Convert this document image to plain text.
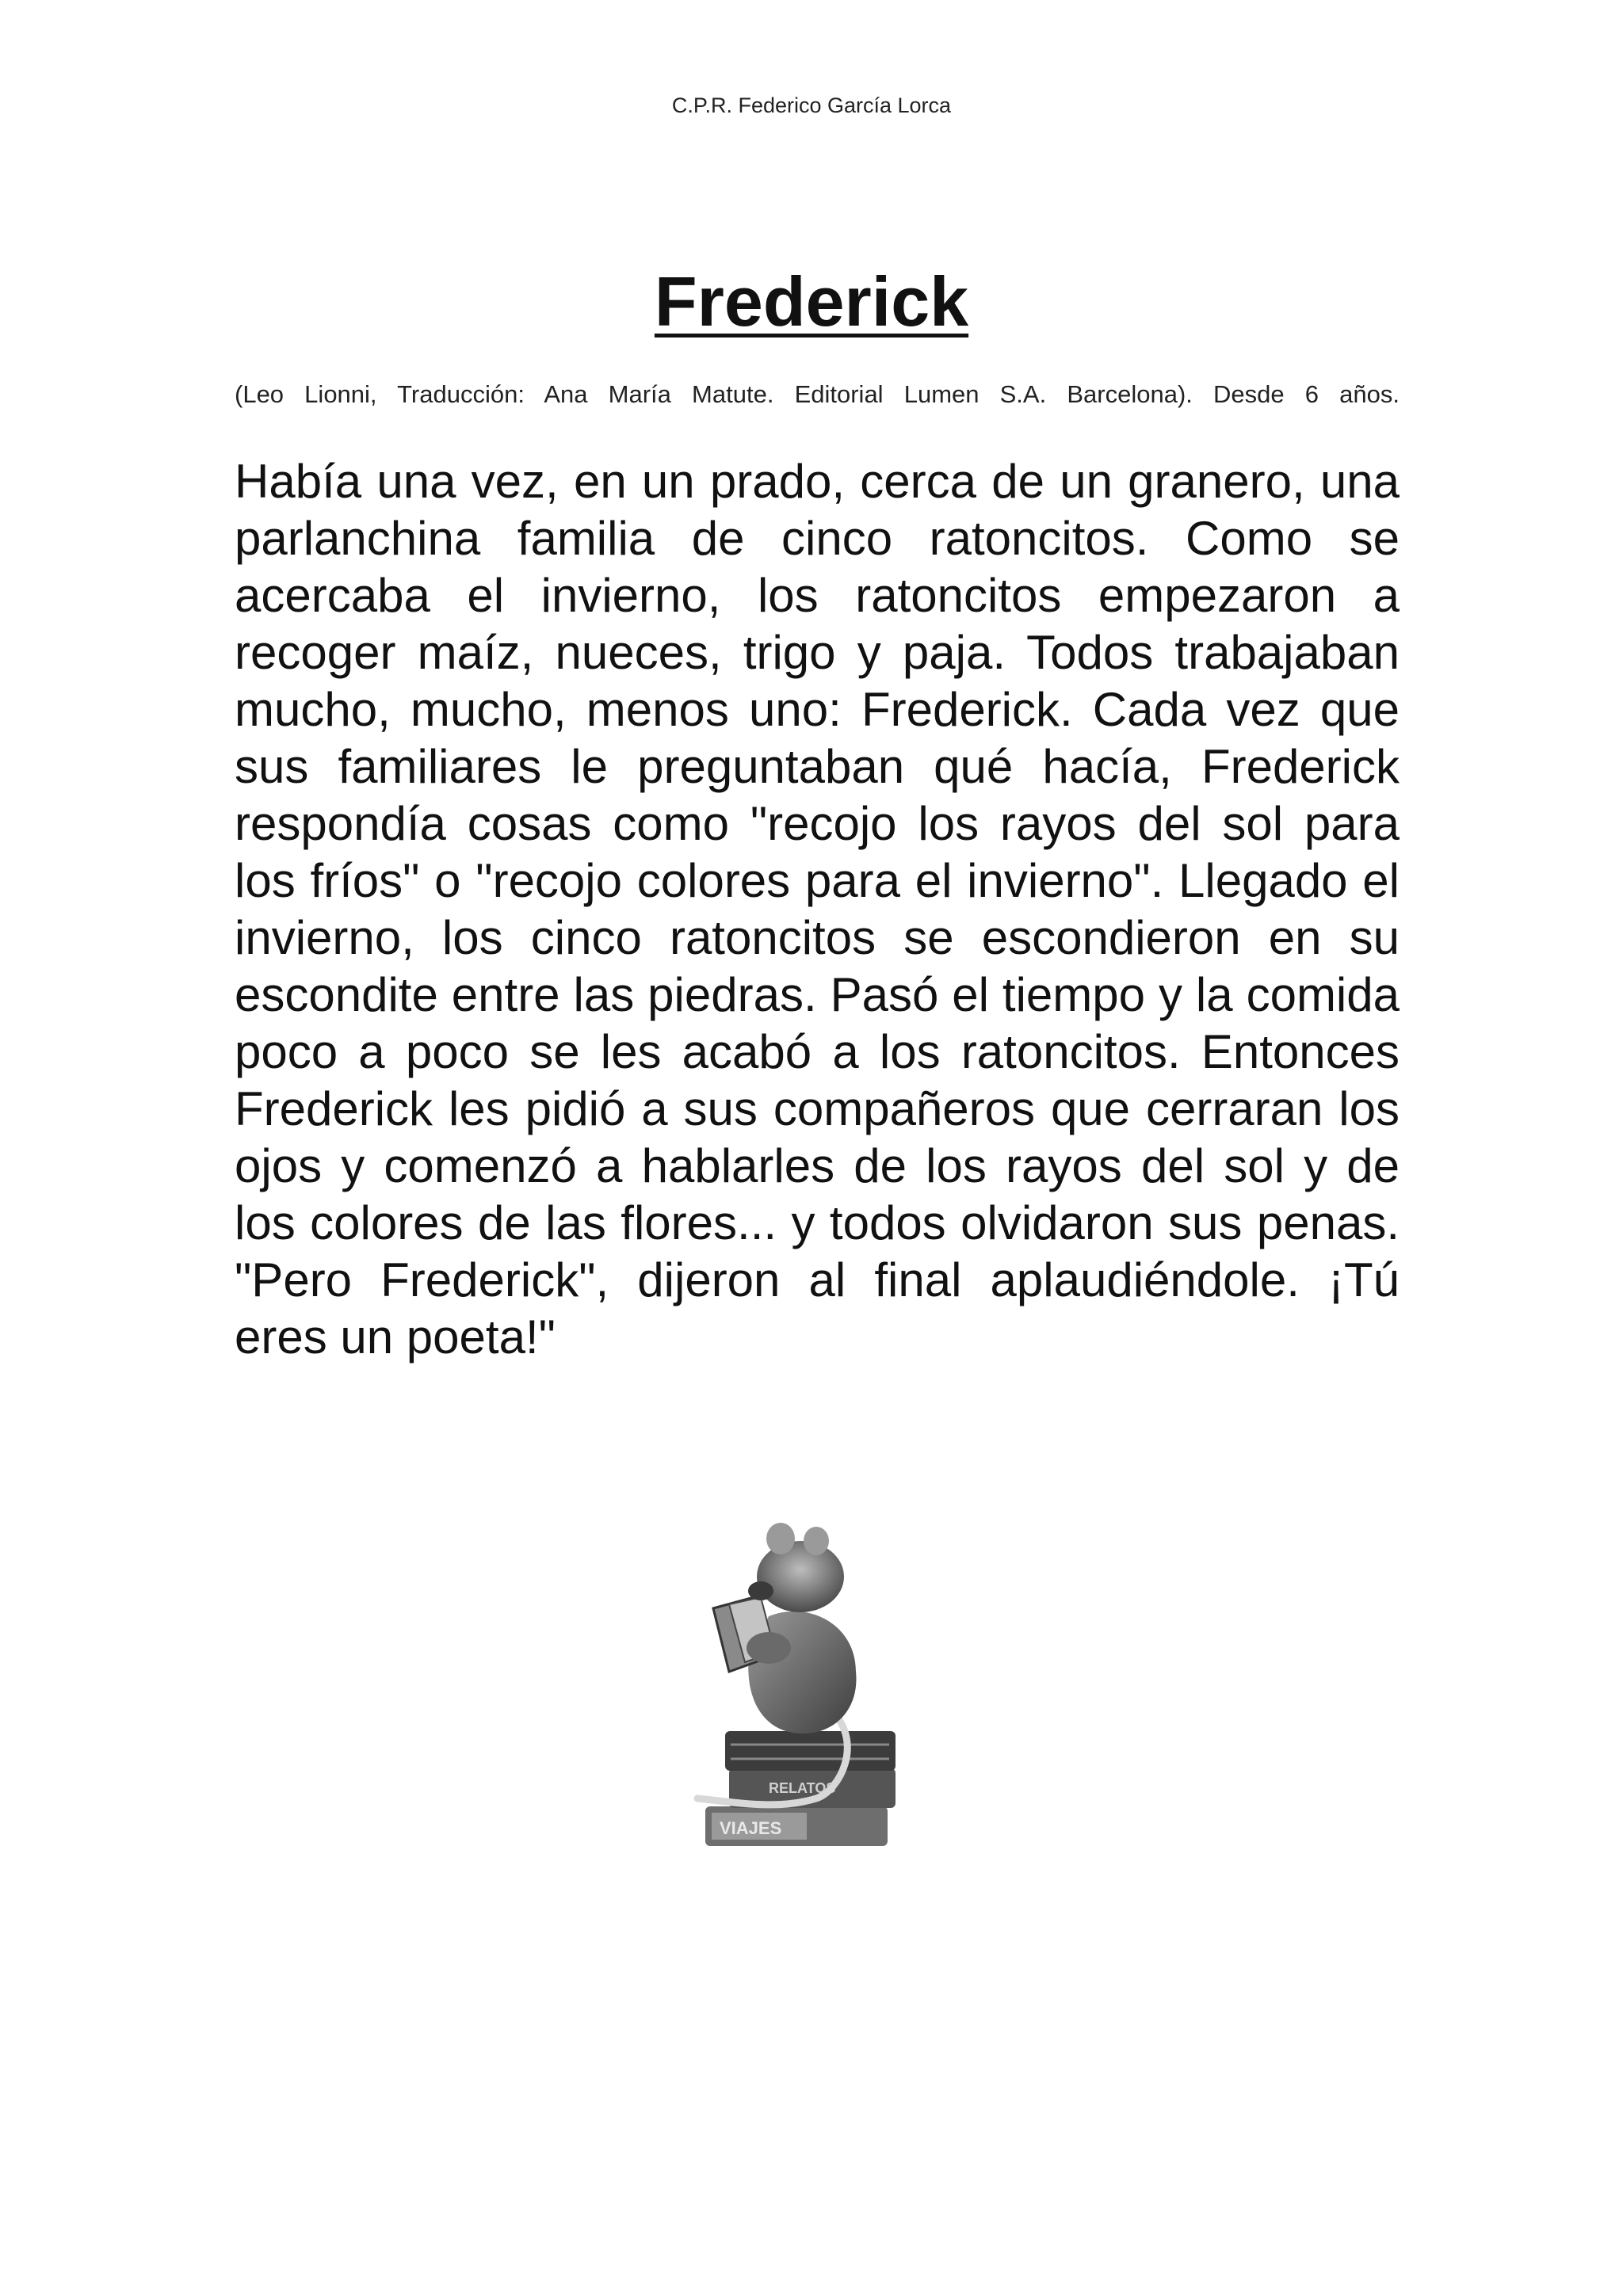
C.P.R. Federico García Lorca
Frederick
(Leo Lionni, Traducción: Ana María Matute. Editorial Lumen S.A. Barcelona). Desde 6 años.
Había una vez, en un prado, cerca de un granero, una parlanchina familia de cinco ratoncitos. Como se acercaba el invierno, los ratoncitos empezaron a recoger maíz, nueces, trigo y paja. Todos trabajaban mucho, mucho, menos uno: Frederick. Cada vez que sus familiares le preguntaban qué hacía, Frederick respondía cosas como "recojo los rayos del sol para los fríos" o "recojo colores para el invierno". Llegado el invierno, los cinco ratoncitos se escondieron en su escondite entre las piedras. Pasó el tiempo y la comida poco a poco se les acabó a los ratoncitos. Entonces Frederick les pidió a sus compañeros que cerraran los ojos y comenzó a hablarles de los rayos del sol y de los colores de las flores... y todos olvidaron sus penas. "Pero Frederick", dijeron al final aplaudiéndole. ¡Tú eres un poeta!"
VIAJES
RELATOS
